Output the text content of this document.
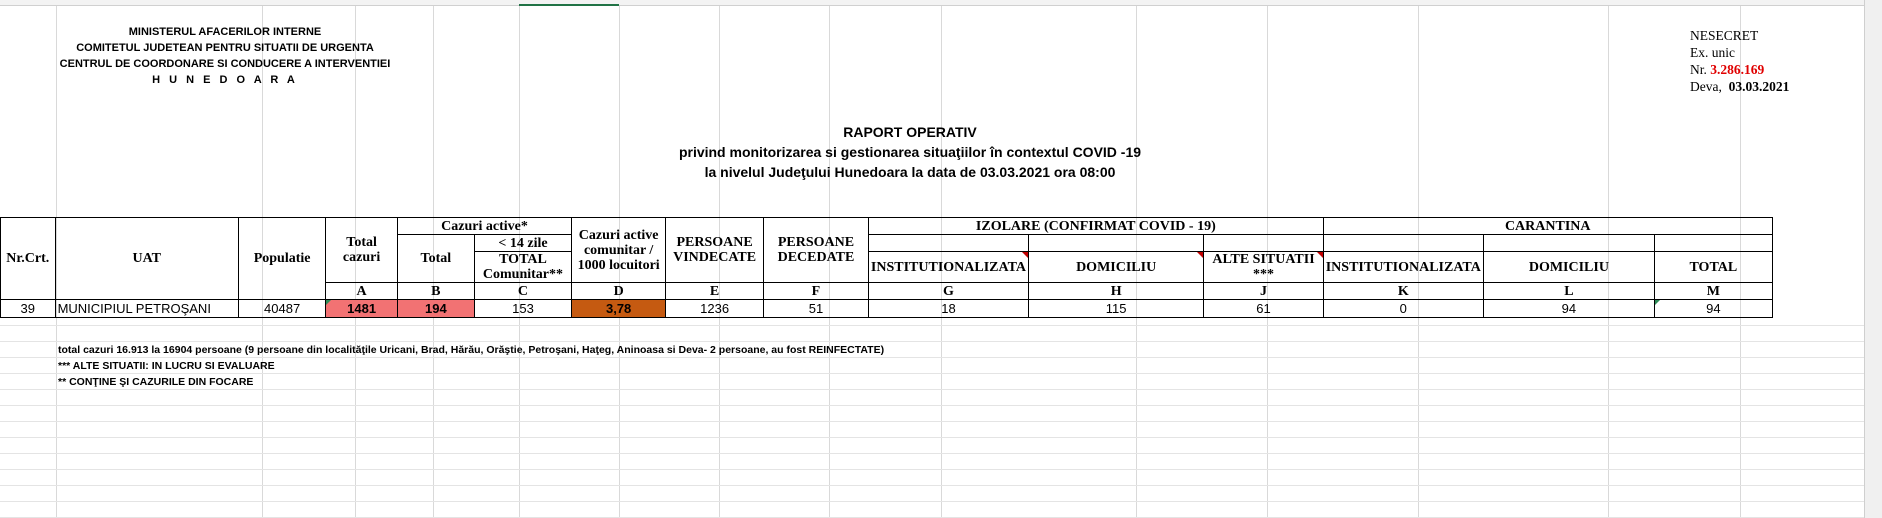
MINISTERUL AFACERILOR INTERNE
COMITETUL JUDETEAN PENTRU SITUATII DE URGENTA
CENTRUL DE COORDONARE SI CONDUCERE A INTERVENTIEI
H U N E D O A R A
NESECRET
Ex. unic
Nr. 3.286.169
Deva, 03.03.2021
RAPORT OPERATIV
privind monitorizarea si gestionarea situaţiilor în contextul COVID -19
la nivelul Judeţului Hunedoara la data de 03.03.2021 ora 08:00
Nr.Crt.	UAT	Populatie	Total cazuri	Cazuri active*		Cazuri active comunitar / 1000 locuitori	PERSOANE VINDECATE	PERSOANE DECEDATE	IZOLARE (CONFIRMAT COVID - 19)			CARANTINA			
				Total	< 14 zile										
					TOTAL Comunitar**				INSTITUTIONALIZATA	DOMICILIU	ALTE SITUATII ***	INSTITUTIONALIZATA	DOMICILIU	TOTAL	
			A	B	C	D	E	F	G	H	J	K	L	M	
39	MUNICIPIUL PETROŞANI	40487	1481	194	153	3,78	1236	51	18	115	61	0	94	94	
total cazuri 16.913 la 16904 persoane (9 persoane din localităţile Uricani, Brad, Hărău, Orăştie, Petroşani, Haţeg, Aninoasa si Deva- 2 persoane, au fost REINFECTATE)
*** ALTE SITUATII: IN LUCRU SI EVALUARE
** CONŢINE ŞI CAZURILE DIN FOCARE
